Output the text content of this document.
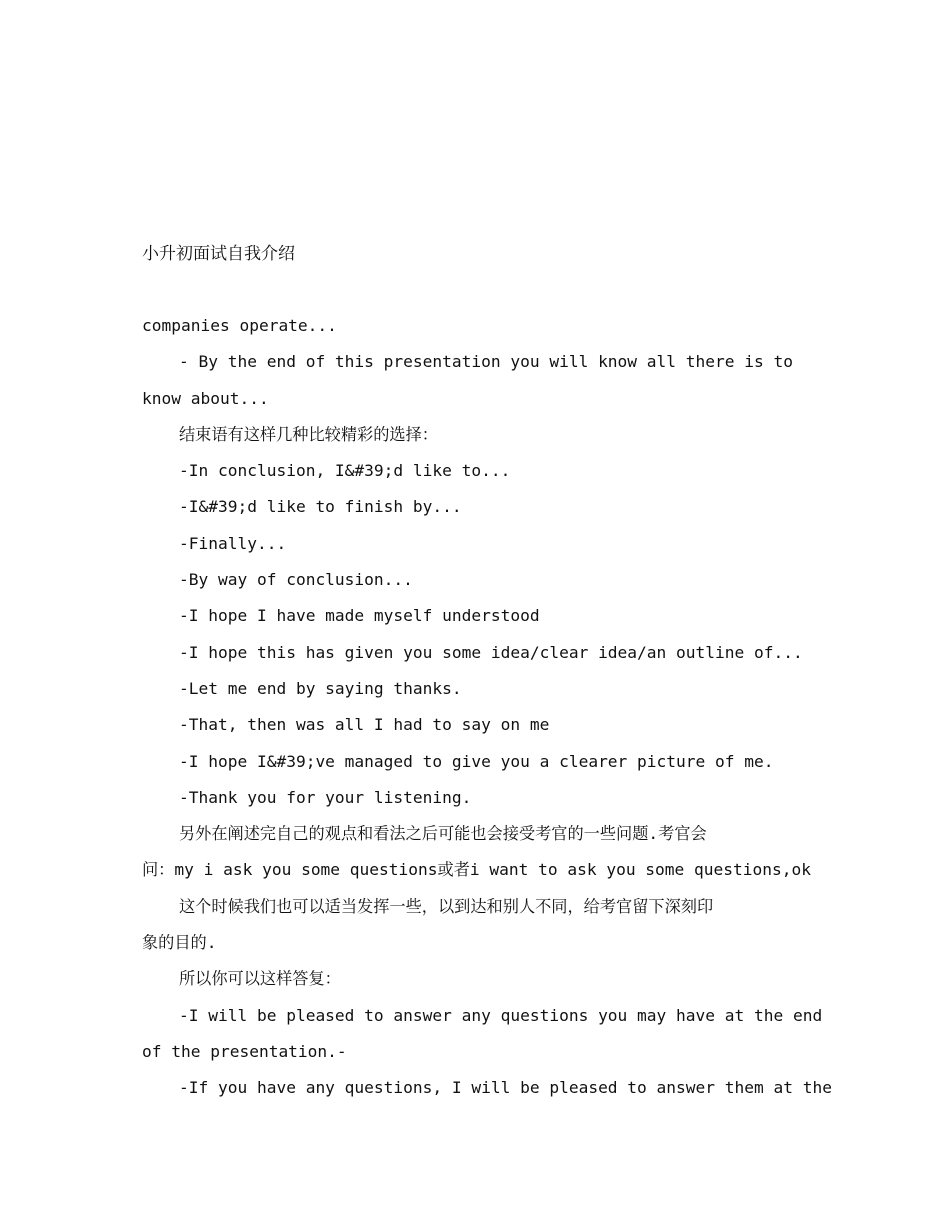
小升初面试自我介绍
companies operate...
- By the end of this presentation you will know all there is to
know about...
结束语有这样几种比较精彩的选择：
-In conclusion, I&#39;d like to...
-I&#39;d like to finish by...
-Finally...
-By way of conclusion...
-I hope I have made myself understood
-I hope this has given you some idea/clear idea/an outline of...
-Let me end by saying thanks.
-That, then was all I had to say on me
-I hope I&#39;ve managed to give you a clearer picture of me.
-Thank you for your listening.
另外在阐述完自己的观点和看法之后可能也会接受考官的一些问题.考官会
问：my i ask you some questions或者i want to ask you some questions,ok
这个时候我们也可以适当发挥一些，以到达和别人不同，给考官留下深刻印
象的目的.
所以你可以这样答复：
-I will be pleased to answer any questions you may have at the end
of the presentation.-
-If you have any questions, I will be pleased to answer them at the
